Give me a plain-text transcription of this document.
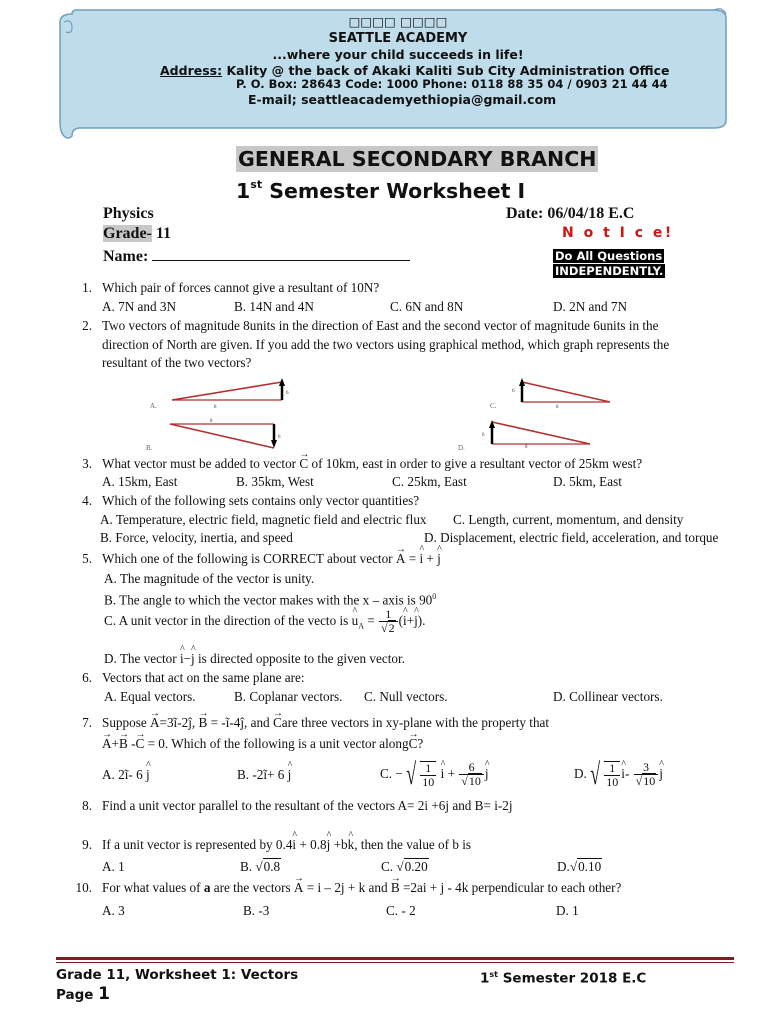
□□□□ □□□□
SEATTLE ACADEMY
...where your child succeeds in life!
Address: Kality @ the back of Akaki Kaliti Sub City Administration Office
P. O. Box: 28643 Code: 1000 Phone: 0118 88 35 04 / 0903 21 44 44
E-mail; seattleacademyethiopia@gmail.com
GENERAL SECONDARY BRANCH
1st Semester Worksheet I
Physics
Grade- 11
Name:
Date: 06/04/18 E.C
N o t I c e!
Do All Questions
INDEPENDENTLY.
1. Which pair of forces cannot give a resultant of 10N?
A. 7N and 3N	B. 14N and 4N	C. 6N and 8N	D. 2N and 7N
2. Two vectors of magnitude 8units in the direction of East and the second vector of magnitude 6units in the
direction of North are given. If you add the two vectors using graphical method, which graph represents the
resultant of the two vectors?
A.
6
8
B.
6
8
C.
6
8
D.
6
8
3. What vector must be added to vector → C of 10km, east in order to give a resultant vector of 25km west?
A. 15km, East	B. 35km, West	C. 25km, East	D. 5km, East
4. Which of the following sets contains only vector quantities?
A. Temperature, electric field, magnetic field and electric flux C. Length, current, momentum, and density
B. Force, velocity, inertia, and speed	D. Displacement, electric field, acceleration, and torque
5. Which one of the following is CORRECT about vector → A = ^ i + ^ j
A. The magnitude of the vector is unity.
B. The angle to which the vector makes with the x – axis is $90^0$
C. A unit vector in the direction of the vecto is ^ $u_A = \frac{1}{√2}$ (^ i+^ j).
D. The vector ^ i−^ j is directed opposite to the given vector.
6. Vectors that act on the same plane are:
A. Equal vectors.	B. Coplanar vectors. C. Null vectors.	D. Collinear vectors.
7. Suppose → A=3ĩ-2ĵ, → B = -ĩ-4ĵ, and → Care three vectors in xy-plane with the property that
→ A+→ B -→ C = 0. Which of the following is a unit vector along→ C?
A. 2ĩ- 6 ^ j	B. -2ĩ+ 6 ^ j	C. − √ $\frac{1}{10}$ ^ $i + \frac{6}{√10}$ ^ j	D. √ $\frac{1}{10}$ ^ $i- \frac{3}{√10}$ ^ j
8. Find a unit vector parallel to the resultant of the vectors A= 2i +6j and B= i-2j
9. If a unit vector is represented by 0.4^ i + 0.8^ j +b^ k, then the value of b is
A. 1	B. √0.8	C. √0.20	D.√0.10
10. For what values of a are the vectors → A = i – 2j + k and → B =2ai + j - 4k perpendicular to each other?
A. 3	B. -3	C. - 2	D. 1
Grade 11, Worksheet 1: Vectors
Page 1
1st Semester 2018 E.C
